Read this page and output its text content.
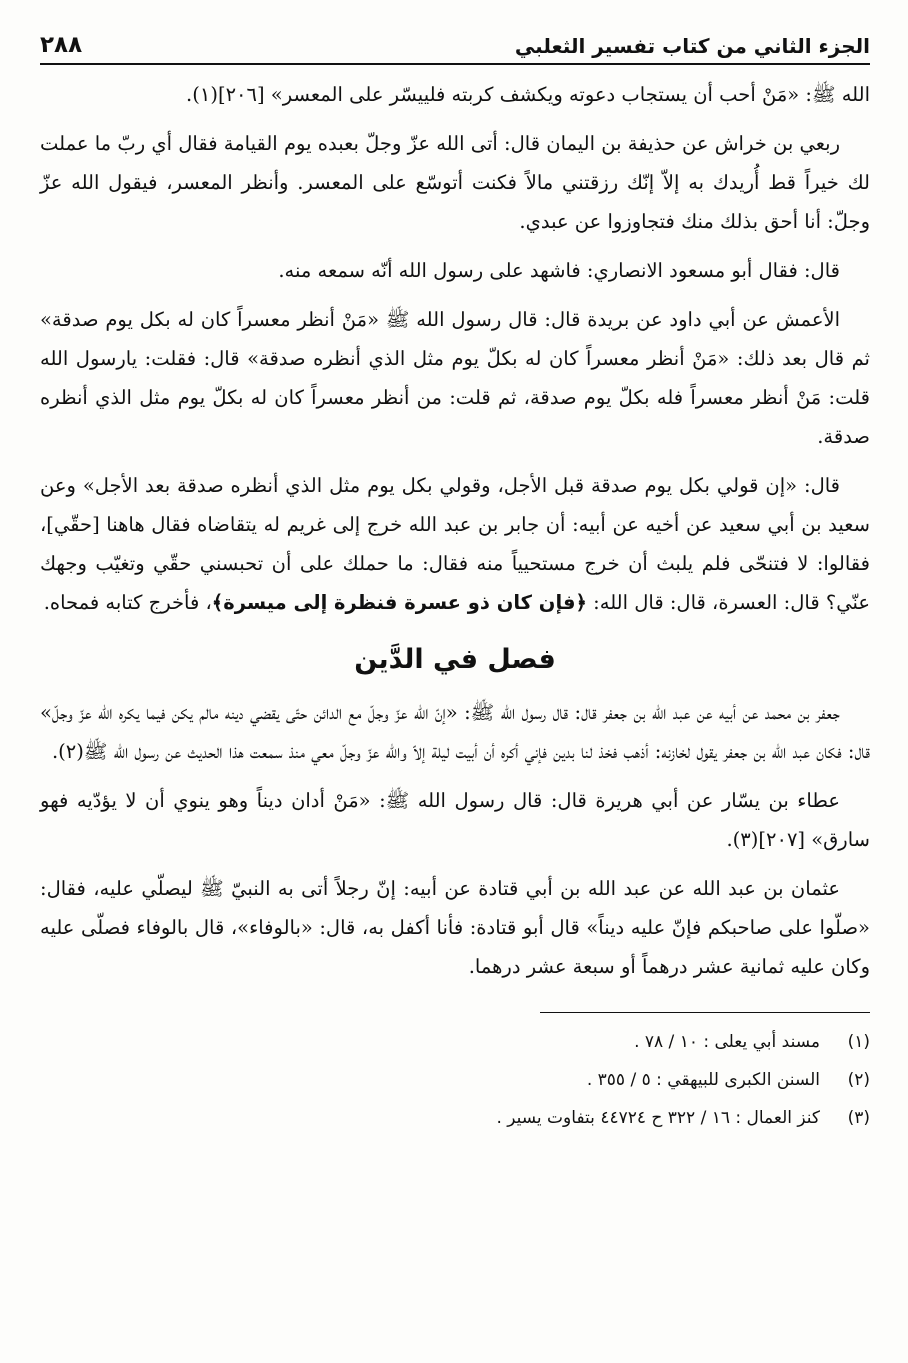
الجزء الثاني من كتاب تفسير الثعلبي
٢٨٨

الله ﷺ: «مَنْ أحب أن يستجاب دعوته ويكشف كربته فلييسّر على المعسر» [٢٠٦](١).

ربعي بن خراش عن حذيفة بن اليمان قال: أتى الله عزّ وجلّ بعبده يوم القيامة فقال أي ربّ ما عملت لك خيراً قط أُريدك به إلاّ إنّك رزقتني مالاً فكنت أتوسّع على المعسر. وأنظر المعسر، فيقول الله عزّ وجلّ: أنا أحق بذلك منك فتجاوزوا عن عبدي.

قال: فقال أبو مسعود الانصاري: فاشهد على رسول الله أنّه سمعه منه.

الأعمش عن أبي داود عن بريدة قال: قال رسول الله ﷺ «مَنْ أنظر معسراً كان له بكل يوم صدقة» ثم قال بعد ذلك: «مَنْ أنظر معسراً كان له بكلّ يوم مثل الذي أنظره صدقة» قال: فقلت: يارسول الله قلت: مَنْ أنظر معسراً فله بكلّ يوم صدقة، ثم قلت: من أنظر معسراً كان له بكلّ يوم مثل الذي أنظره صدقة.

قال: «إن قولي بكل يوم صدقة قبل الأجل، وقولي بكل يوم مثل الذي أنظره صدقة بعد الأجل» وعن سعيد بن أبي سعيد عن أخيه عن أبيه: أن جابر بن عبد الله خرج إلى غريم له يتقاضاه فقال هاهنا [حقّي]، فقالوا: لا فتنحّى فلم يلبث أن خرج مستحيياً منه فقال: ما حملك على أن تحبسني حقّي وتغيّب وجهك عنّي؟ قال: العسرة، قال: قال الله: ﴿فإن كان ذو عسرة فنظرة إلى ميسرة﴾، فأخرج كتابه فمحاه.

فصل في الدَّين

جعفر بن محمد عن أبيه عن عبد الله بن جعفر قال: قال رسول الله ﷺ: «إنّ الله عزّ وجلّ مع الدائن حتّى يقضي دينه مالم يكن فيما يكره الله عزّ وجلّ» قال: فكان عبد الله بن جعفر يقول لخازنه: أذهب فخذ لنا بدين فإني أكره أن أبيت ليلة إلاّ والله عزّ وجلّ معي منذ سمعت هذا الحديث عن رسول الله ﷺ(٢).

عطاء بن يسّار عن أبي هريرة قال: قال رسول الله ﷺ: «مَنْ أدان ديناً وهو ينوي أن لا يؤدّيه فهو سارق» [٢٠٧](٣).

عثمان بن عبد الله عن عبد الله بن أبي قتادة عن أبيه: إنّ رجلاً أتى به النبيّ ﷺ ليصلّي عليه، فقال: «صلّوا على صاحبكم فإنّ عليه ديناً» قال أبو قتادة: فأنا أكفل به، قال: «بالوفاء»، قال بالوفاء فصلّى عليه وكان عليه ثمانية عشر درهماً أو سبعة عشر درهما.

(١)مسند أبي يعلى : ١٠ / ٧٨ .
(٢)السنن الكبرى للبيهقي : ٥ / ٣٥٥ .
(٣)كنز العمال : ١٦ / ٣٢٢ ح ٤٤٧٢٤ بتفاوت يسير .
